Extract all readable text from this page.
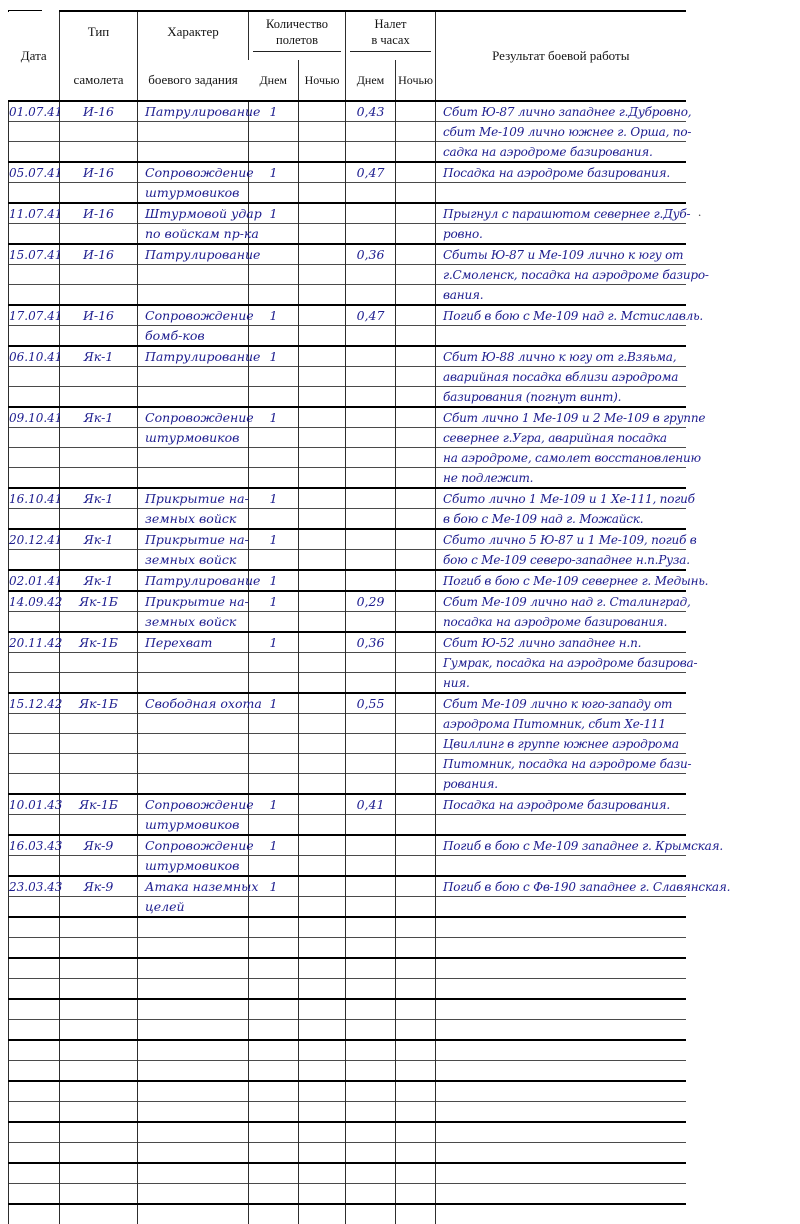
Дата

Тип
самолета

Характер
боевого задания

Количество
полетов

Налет
в часах

Результат боевой работы

			Днем	Ночью	Днем	Ночью	
01.07.41	И-16	Патрулирование	1		0,43		Сбит Ю-87 лично западнее г.Дубровно,
							сбит Ме-109 лично южнее г. Орша, по-
							садка на аэродроме базирования.
05.07.41	И-16	Сопровождение	1		0,47		Посадка на аэродроме базирования.
		штурмовиков					
11.07.41	И-16	Штурмовой удар	1				Прыгнул с парашютом севернее г.Дуб-
		по войскам пр-ка					ровно.
15.07.41	И-16	Патрулирование			0,36		Сбиты Ю-87 и Ме-109 лично к югу от
							г.Смоленск, посадка на аэродроме базиро-
							вания.
17.07.41	И-16	Сопровождение	1		0,47		Погиб в бою с Ме-109 над г. Мстиславль.
		бомб-ков					
06.10.41	Як-1	Патрулирование	1				Сбит Ю-88 лично к югу от г.Взяьма,
							аварийная посадка вблизи аэродрома
							базирования (погнут винт).
09.10.41	Як-1	Сопровождение	1				Сбит лично 1 Ме-109 и 2 Ме-109 в группе
		штурмовиков					севернее г.Угра, аварийная посадка
							на аэродроме, самолет восстановлению
							не подлежит.
16.10.41	Як-1	Прикрытие на-	1				Сбито лично 1 Ме-109 и 1 Хе-111, погиб
		земных войск					в бою с Ме-109 над г. Можайск.
20.12.41	Як-1	Прикрытие на-	1				Сбито лично 5 Ю-87 и 1 Ме-109, погиб в
		земных войск					бою с Ме-109 северо-западнее н.п.Руза.
02.01.41	Як-1	Патрулирование	1				Погиб в бою с Ме-109 севернее г. Медынь.
14.09.42	Як-1Б	Прикрытие на-	1		0,29		Сбит Ме-109 лично над г. Сталинград,
		земных войск					посадка на аэродроме базирования.
20.11.42	Як-1Б	Перехват	1		0,36		Сбит Ю-52 лично западнее н.п.
							Гумрак, посадка на аэродроме базирова-
							ния.
15.12.42	Як-1Б	Свободная охота	1		0,55		Сбит Ме-109 лично к юго-западу от
							аэродрома Питомник, сбит Хе-111
							Цвиллинг в группе южнее аэродрома
							Питомник, посадка на аэродроме бази-
							рования.
10.01.43	Як-1Б	Сопровождение	1		0,41		Посадка на аэродроме базирования.
		штурмовиков					
16.03.43	Як-9	Сопровождение	1				Погиб в бою с Ме-109 западнее г. Крымская.
		штурмовиков					
23.03.43	Як-9	Атака наземных	1				Погиб в бою с Фв-190 западнее г. Славянская.
		целей					

.
